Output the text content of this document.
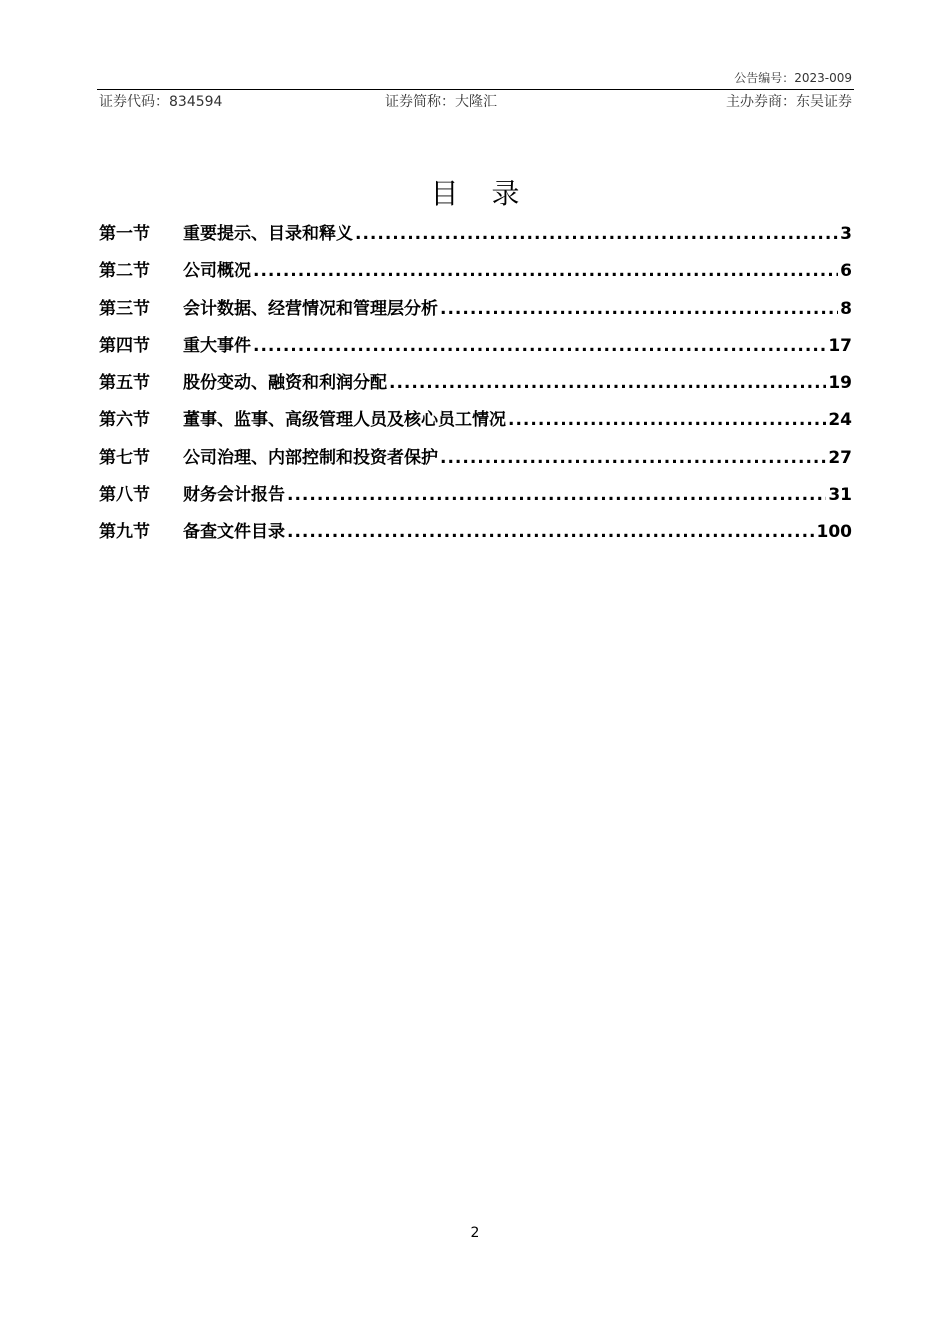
公告编号：2023-009
证券代码：834594	证券简称：大隆汇	主办券商：东吴证券
目 录
第一节	重要提示、目录和释义 .....	3
第二节	公司概况 .....	6
第三节	会计数据、经营情况和管理层分析 .....	8
第四节	重大事件 .....	17
第五节	股份变动、融资和利润分配 .....	19
第六节	董事、监事、高级管理人员及核心员工情况 .....	24
第七节	公司治理、内部控制和投资者保护 .....	27
第八节	财务会计报告 .....	31
第九节	备查文件目录 .....	100
2
